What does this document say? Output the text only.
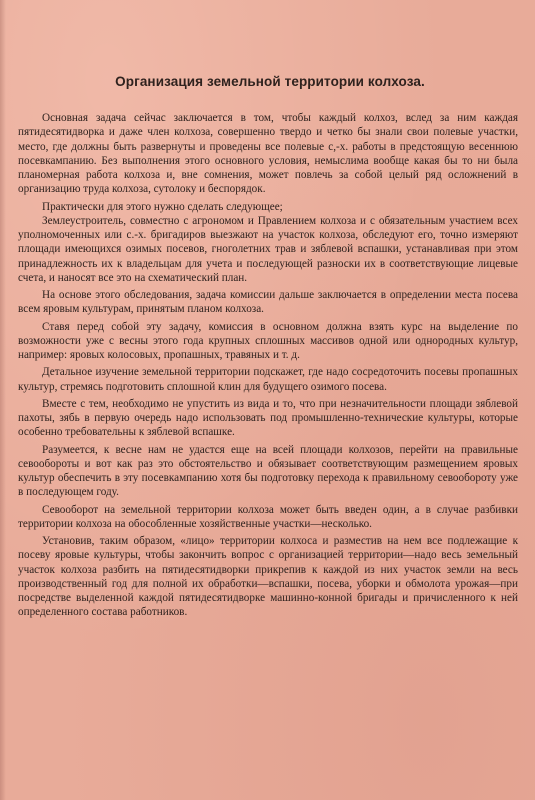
Организация земельной территории колхоза.

Основная задача сейчас заключается в том, чтобы каждый колхоз, вслед за ним каждая пятидесятидворка и даже член колхоза, совершенно твердо и четко бы знали свои полевые участки, место, где должны быть развернуты и проведены все полевые с,-х. работы в предстоящую весеннюю посевкампанию. Без выполнения этого основного условия, немыслима вообще какая бы то ни была планомерная работа колхоза и, вне сомнения, может повлечь за собой целый ряд осложнений в организацию труда колхоза, сутолоку и беспорядок.

Практически для этого нужно сделать следующее;

Землеустроитель, совместно с агрономом и Правлением колхоза и с обязательным участием всех уполномоченных или с.-х. бригадиров выезжают на участок колхоза, обследуют его, точно измеряют площади имеющихся озимых посевов, гноголетних трав и зяблевой вспашки, устанавливая при этом принадлежность их к владельцам для учета и последующей разноски их в соответствующие лицевые счета, и наносят все это на схематический план.

На основе этого обследования, задача комиссии дальше заключается в определении места посева всем яровым культурам, принятым планом колхоза.

Ставя перед собой эту задачу, комиссия в основном должна взять курс на выделение по возможности уже с весны этого года крупных сплошных массивов одной или однородных культур, например: яровых колосовых, пропашных, травяных и т. д.

Детальное изучение земельной территории подскажет, где надо сосредоточить посевы пропашных культур, стремясь подготовить сплошной клин для будущего озимого посева.

Вместе с тем, необходимо не упустить из вида и то, что при незначительности площади зяблевой пахоты, зябь в первую очередь надо использовать под промышленно-технические культуры, которые особенно требовательны к зяблевой вспашке.

Разумеется, к весне нам не удастся еще на всей площади колхозов, перейти на правильные севообороты и вот как раз это обстоятельство и обязывает соответствующим размещением яровых культур обеспечить в эту посевкампанию хотя бы подготовку перехода к правильному севообороту уже в последующем году.

Севооборот на земельной территории колхоза может быть введен один, а в случае разбивки территории колхоза на обособленные хозяйственные участки—несколько.

Установив, таким образом, «лицо» территории колхоса и разместив на нем все подлежащие к посеву яровые культуры, чтобы закончить вопрос с организацией территории—надо весь земельный участок колхоза разбить на пятидесятидворки прикрепив к каждой из них участок земли на весь производственный год для полной их обработки—вспашки, посева, уборки и обмолота урожая—при посредстве выделенной каждой пятидесятидворке машинно-конной бригады и причисленного к ней определенного состава работников.
